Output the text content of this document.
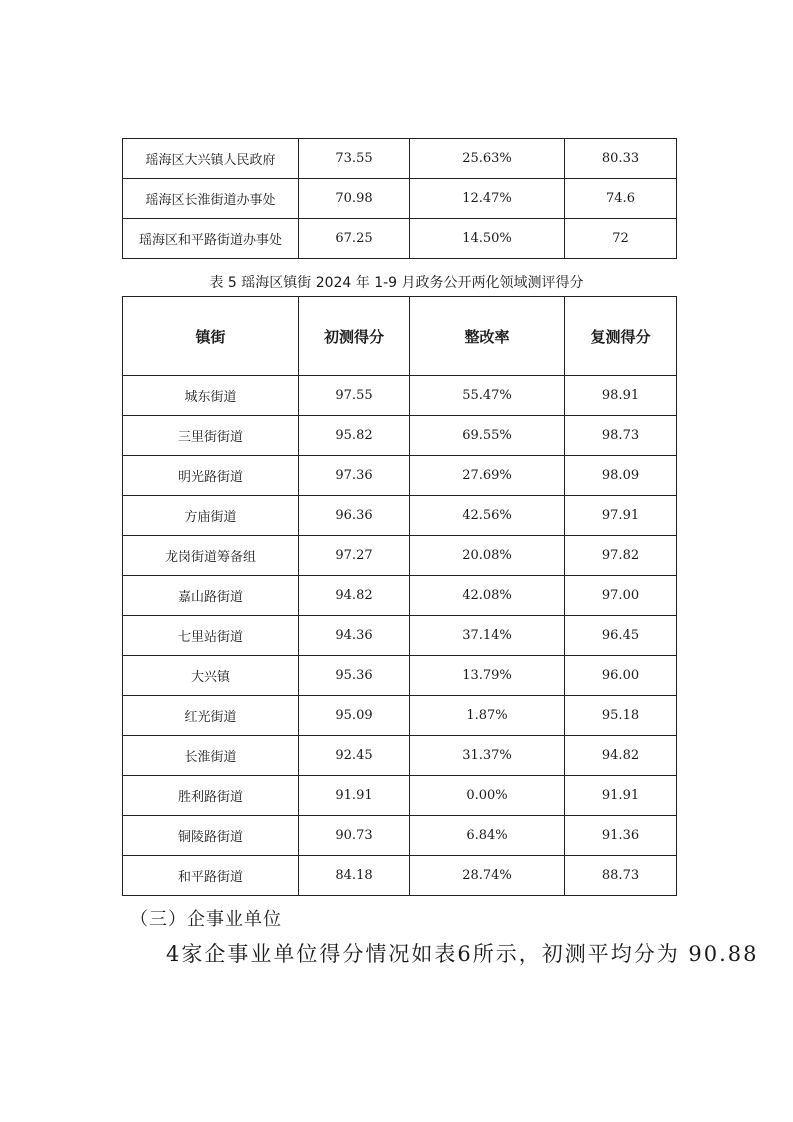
瑶海区大兴镇人民政府	73.55	25.63%	80.33
瑶海区长淮街道办事处	70.98	12.47%	74.6
瑶海区和平路街道办事处	67.25	14.50%	72
表 5 瑶海区镇街 2024 年 1-9 月政务公开两化领域测评得分
镇街	初测得分	整改率	复测得分
城东街道	97.55	55.47%	98.91
三里街街道	95.82	69.55%	98.73
明光路街道	97.36	27.69%	98.09
方庙街道	96.36	42.56%	97.91
龙岗街道筹备组	97.27	20.08%	97.82
嘉山路街道	94.82	42.08%	97.00
七里站街道	94.36	37.14%	96.45
大兴镇	95.36	13.79%	96.00
红光街道	95.09	1.87%	95.18
长淮街道	92.45	31.37%	94.82
胜利路街道	91.91	0.00%	91.91
铜陵路街道	90.73	6.84%	91.36
和平路街道	84.18	28.74%	88.73
（三）企事业单位
4家企事业单位得分情况如表6所示，初测平均分为 90.88
